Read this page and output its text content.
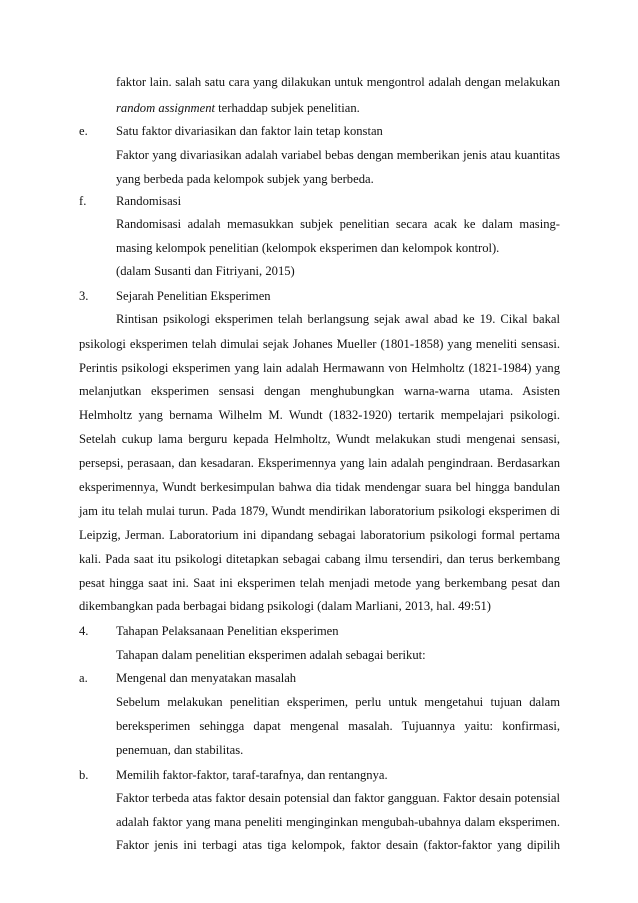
faktor lain. salah satu cara yang dilakukan untuk mengontrol adalah dengan melakukan
random assignment terhaddap subjek penelitian.
e. Satu faktor divariasikan dan faktor lain tetap konstan
Faktor yang divariasikan adalah variabel bebas dengan memberikan jenis atau kuantitas
yang berbeda pada kelompok subjek yang berbeda.
f. Randomisasi
Randomisasi adalah memasukkan subjek penelitian secara acak ke dalam masing-
masing kelompok penelitian (kelompok eksperimen dan kelompok kontrol).
(dalam Susanti dan Fitriyani, 2015)
3. Sejarah Penelitian Eksperimen
Rintisan psikologi eksperimen telah berlangsung sejak awal abad ke 19. Cikal bakal
psikologi eksperimen telah dimulai sejak Johanes Mueller (1801-1858) yang meneliti sensasi.
Perintis psikologi eksperimen yang lain adalah Hermawann von Helmholtz (1821-1984) yang
melanjutkan eksperimen sensasi dengan menghubungkan warna-warna utama. Asisten
Helmholtz yang bernama Wilhelm M. Wundt (1832-1920) tertarik mempelajari psikologi.
Setelah cukup lama berguru kepada Helmholtz, Wundt melakukan studi mengenai sensasi,
persepsi, perasaan, dan kesadaran. Eksperimennya yang lain adalah pengindraan. Berdasarkan
eksperimennya, Wundt berkesimpulan bahwa dia tidak mendengar suara bel hingga bandulan
jam itu telah mulai turun. Pada 1879, Wundt mendirikan laboratorium psikologi eksperimen di
Leipzig, Jerman. Laboratorium ini dipandang sebagai laboratorium psikologi formal pertama
kali. Pada saat itu psikologi ditetapkan sebagai cabang ilmu tersendiri, dan terus berkembang
pesat hingga saat ini. Saat ini eksperimen telah menjadi metode yang berkembang pesat dan
dikembangkan pada berbagai bidang psikologi (dalam Marliani, 2013, hal. 49:51)
4. Tahapan Pelaksanaan Penelitian eksperimen
Tahapan dalam penelitian eksperimen adalah sebagai berikut:
a. Mengenal dan menyatakan masalah
Sebelum melakukan penelitian eksperimen, perlu untuk mengetahui tujuan dalam
bereksperimen sehingga dapat mengenal masalah. Tujuannya yaitu: konfirmasi,
penemuan, dan stabilitas.
b. Memilih faktor-faktor, taraf-tarafnya, dan rentangnya.
Faktor terbeda atas faktor desain potensial dan faktor gangguan. Faktor desain potensial
adalah faktor yang mana peneliti menginginkan mengubah-ubahnya dalam eksperimen.
Faktor jenis ini terbagi atas tiga kelompok, faktor desain (faktor-faktor yang dipilih
